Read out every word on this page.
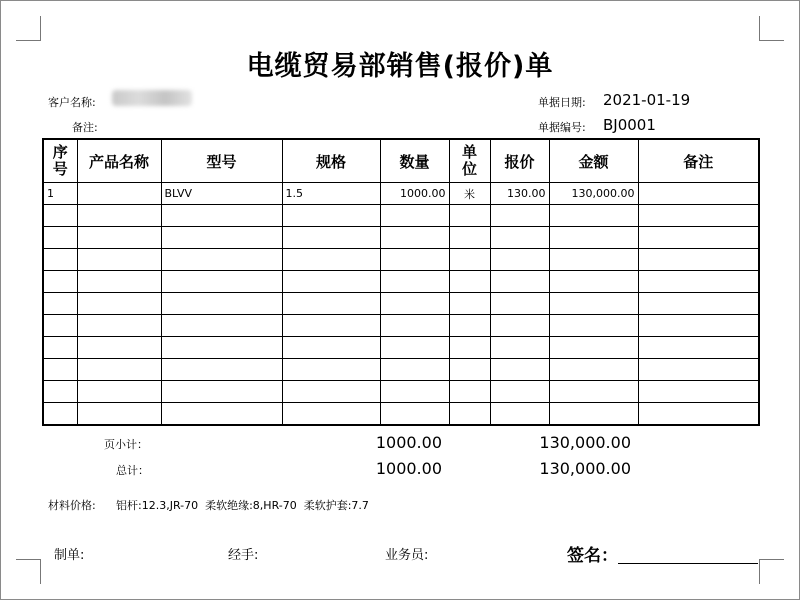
电缆贸易部销售(报价)单
客户名称:
备注:
单据日期: 2021-01-19
单据编号: BJ0001
序号	产品名称	型号	规格	数量	单位	报价	金额	备注
1		BLVV	1.5	1000.00	米	130.00	130,000.00	

页小计：	1000.00	130,000.00
总计：	1000.00	130,000.00
材料价格: 铝杆:12.3,JR-70  柔软绝缘:8,HR-70  柔软护套:7.7
制单:	经手:	业务员:	签名：
